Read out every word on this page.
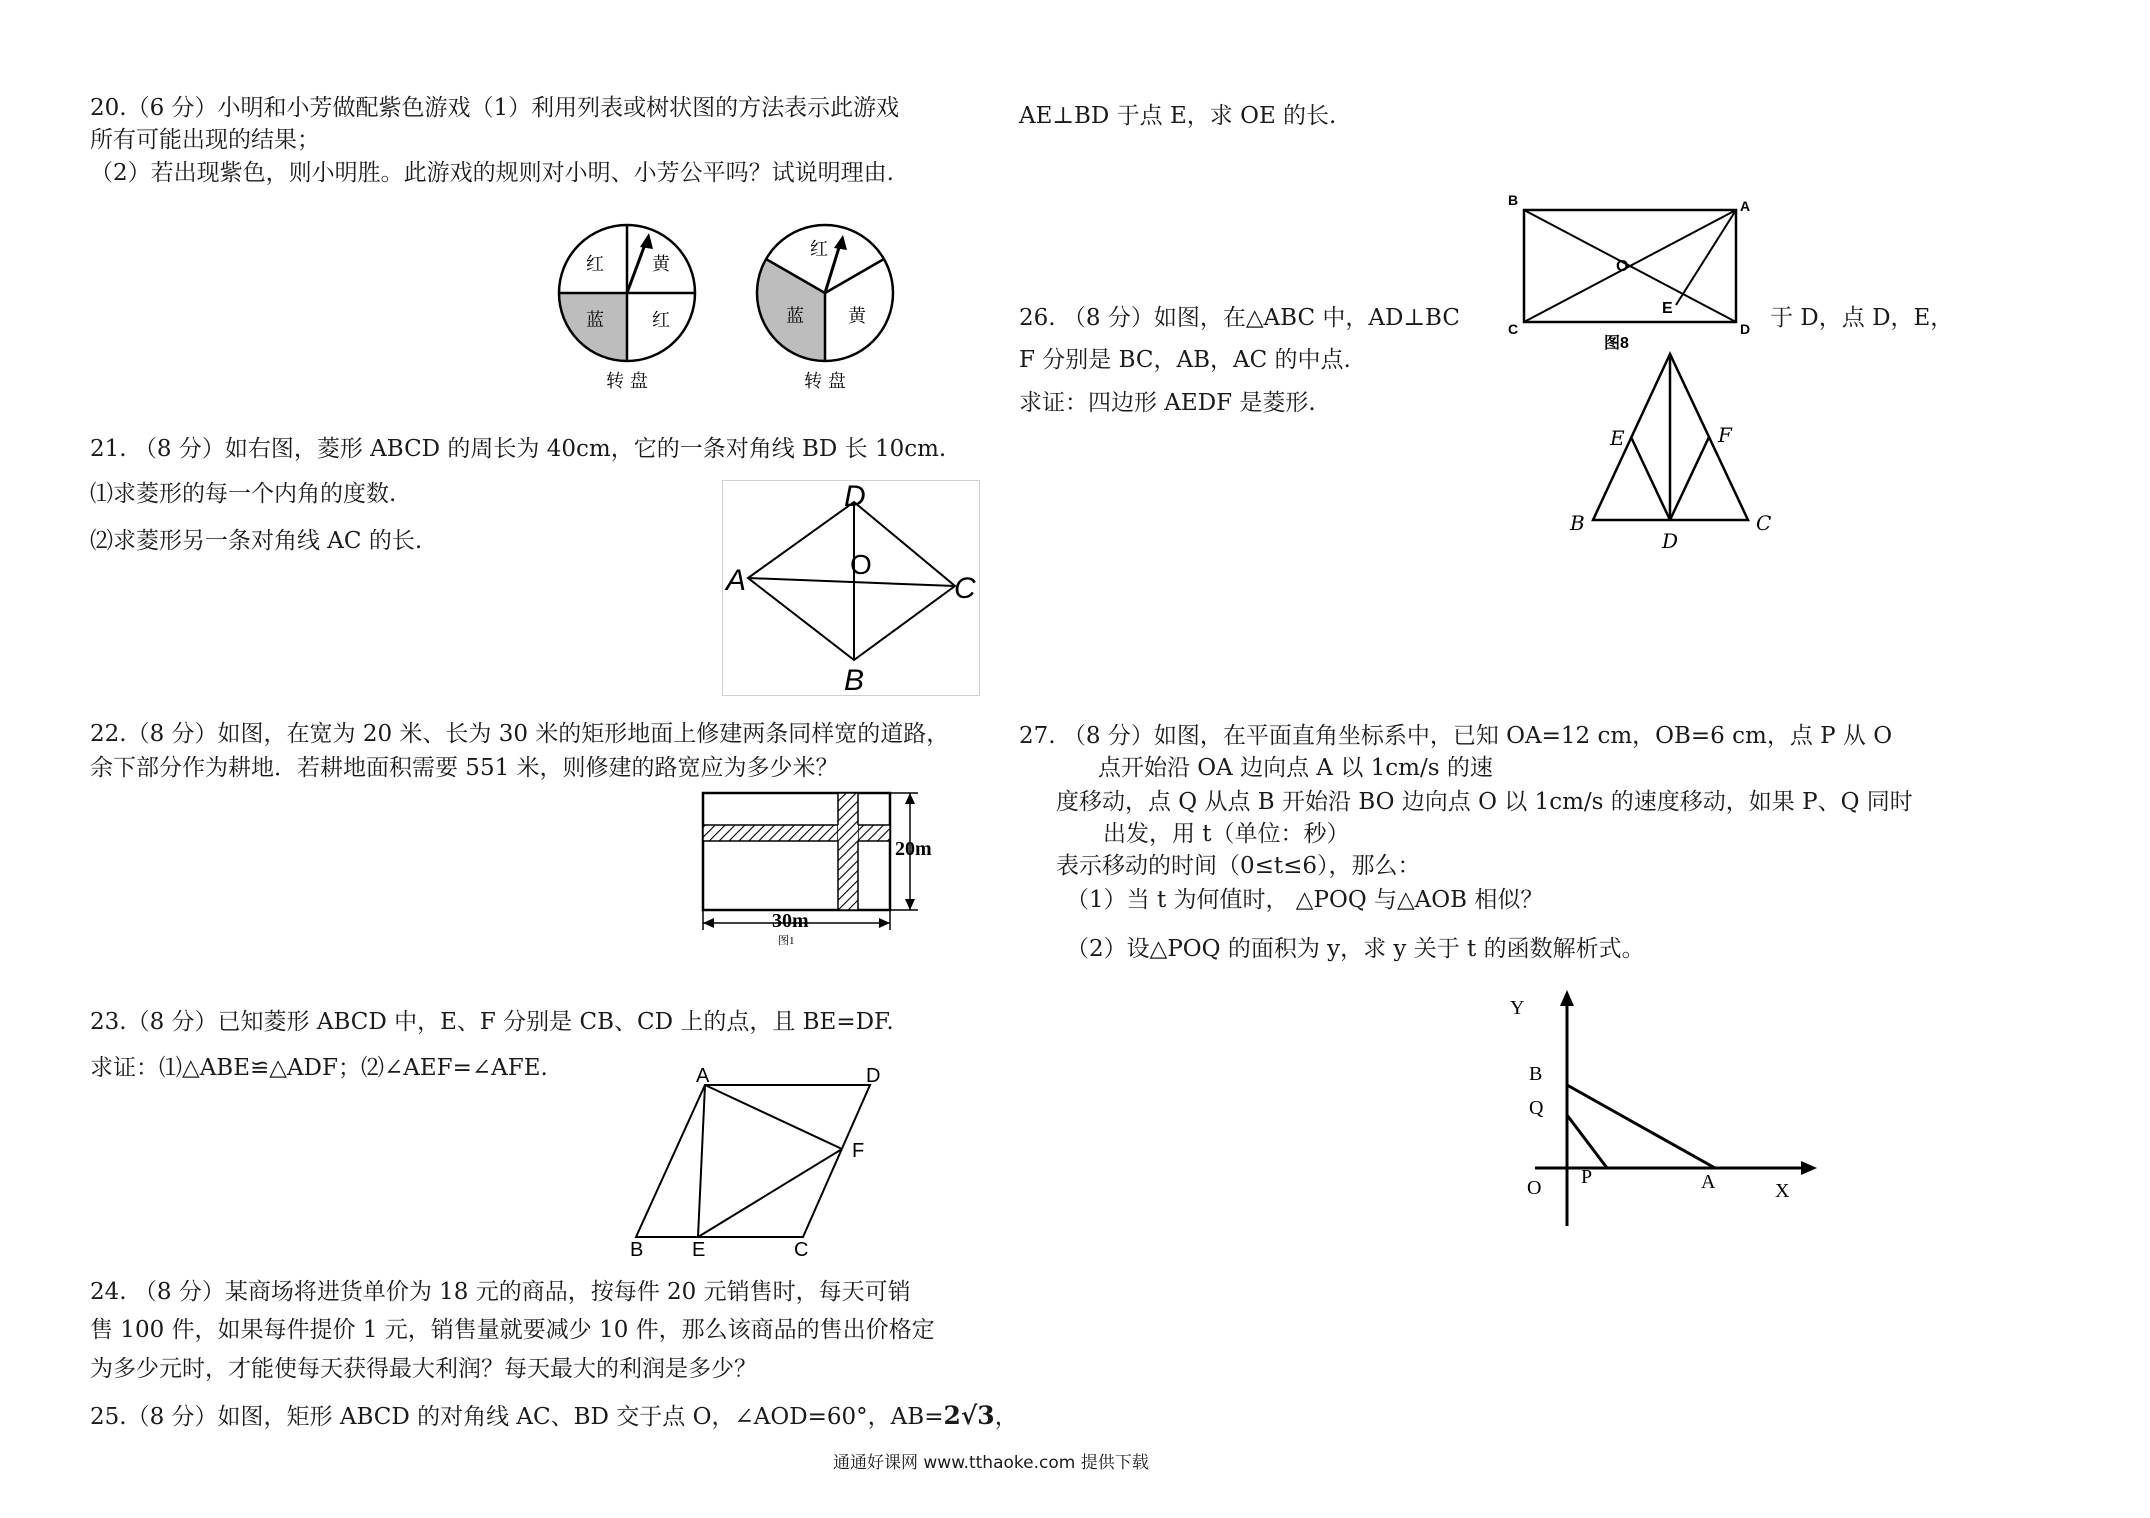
20.（6 分）小明和小芳做配紫色游戏（1）利用列表或树状图的方法表示此游戏
所有可能出现的结果；
（2）若出现紫色，则小明胜。此游戏的规则对小明、小芳公平吗？试说明理由.
红	黄
蓝	红
转 盘
红
蓝 黄
转 盘
21. （8 分）如右图，菱形 ABCD 的周长为 40cm，它的一条对角线 BD 长 10cm.
⑴求菱形的每一个内角的度数.
⑵求菱形另一条对角线 AC 的长.
A
D
C
B
O
22.（8 分）如图，在宽为 20 米、长为 30 米的矩形地面上修建两条同样宽的道路，
余下部分作为耕地．若耕地面积需要 551 米，则修建的路宽应为多少米？
20m
30m
图1
23.（8 分）已知菱形 ABCD 中，E、F 分别是 CB、CD 上的点，且 BE=DF.
求证：⑴△ABE≌△ADF；⑵∠AEF=∠AFE.	A	D
F
B E	C
24. （8 分）某商场将进货单价为 18 元的商品，按每件 20 元销售时，每天可销
售 100 件，如果每件提价 1 元，销售量就要减少 10 件，那么该商品的售出价格定
为多少元时，才能使每天获得最大利润？每天最大的利润是多少？
25.（8 分）如图，矩形 ABCD 的对角线 AC、BD 交于点 O，∠AOD=60°，AB=2√3，
AE⊥BD 于点 E，求 OE 的长.
B	A
C	D
O
E
图8
26. （8 分）如图，在△ABC 中，AD⊥BC	于 D，点 D，E，
F 分别是 BC，AB，AC 的中点.
求证：四边形 AEDF 是菱形.
E	F
B	C
D
27. （8 分）如图，在平面直角坐标系中，已知 OA=12 cm，OB=6 cm，点 P 从 O
点开始沿 OA 边向点 A 以 1cm/s 的速
度移动，点 Q 从点 B 开始沿 BO 边向点 O 以 1cm/s 的速度移动，如果 P、Q 同时
出发，用 t（单位：秒）
表示移动的时间（0≤t≤6），那么：
（1）当 t 为何值时， △POQ 与△AOB 相似？
（2）设△POQ 的面积为 y，求 y 关于 t 的函数解析式。
Y
X
O
B
Q
P	A
通通好课网 www.tthaoke.com 提供下载
